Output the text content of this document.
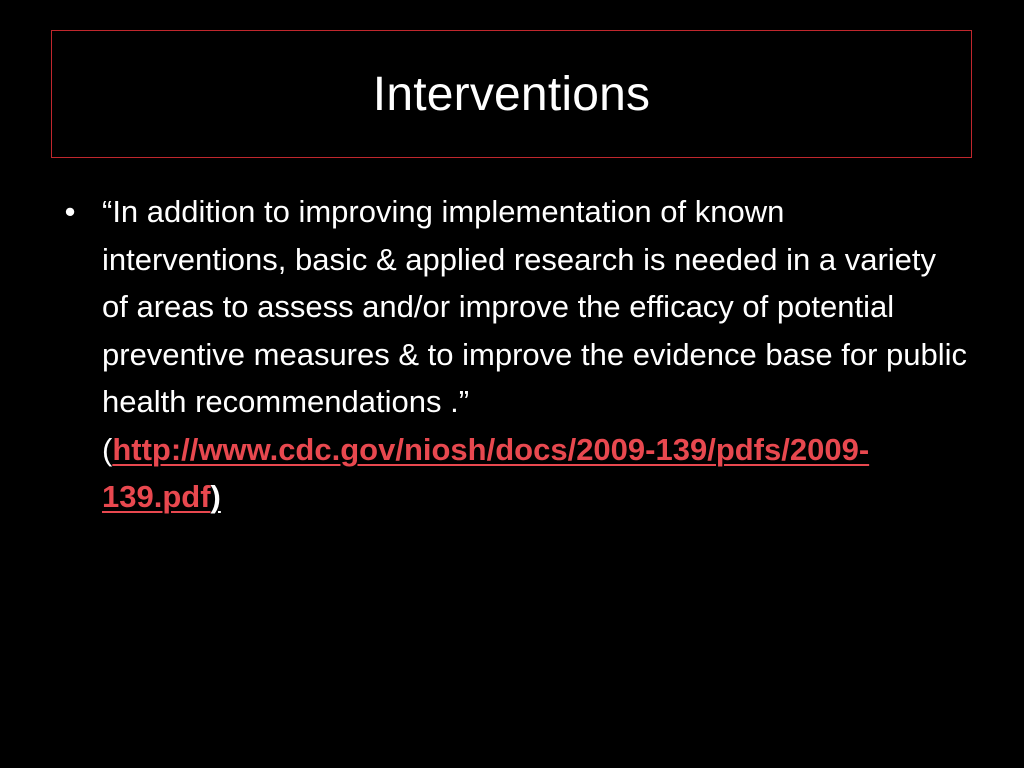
Interventions
• “In addition to improving implementation of known interventions, basic & applied research is needed in a variety of areas to assess and/or improve the efficacy of potential preventive measures & to improve the evidence base for public health recommendations .” (http://www.cdc.gov/niosh/docs/2009-139/pdfs/2009-139.pdf)
